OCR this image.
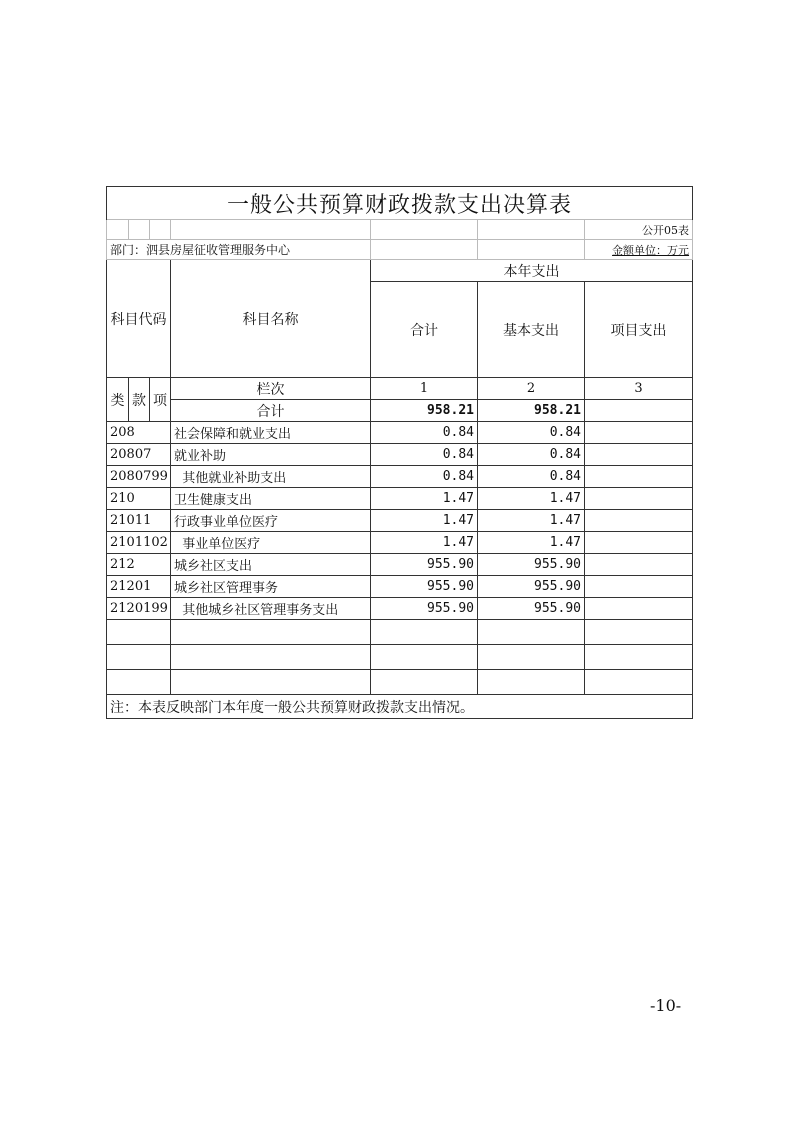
一般公共预算财政拨款支出决算表						
						公开05表
部门：泗县房屋征收管理服务中心						金额单位：万元
科目代码			科目名称	本年支出		
				合计	基本支出	项目支出
类	款	项	栏次	1	2	3
			合计	958.21	958.21	
208			社会保障和就业支出	0.84	0.84	
20807			就业补助	0.84	0.84	
2080799			其他就业补助支出	0.84	0.84	
210			卫生健康支出	1.47	1.47	
21011			行政事业单位医疗	1.47	1.47	
2101102			事业单位医疗	1.47	1.47	
212			城乡社区支出	955.90	955.90	
21201			城乡社区管理事务	955.90	955.90	
2120199			其他城乡社区管理事务支出	955.90	955.90	

注：本表反映部门本年度一般公共预算财政拨款支出情况。						
-10-
